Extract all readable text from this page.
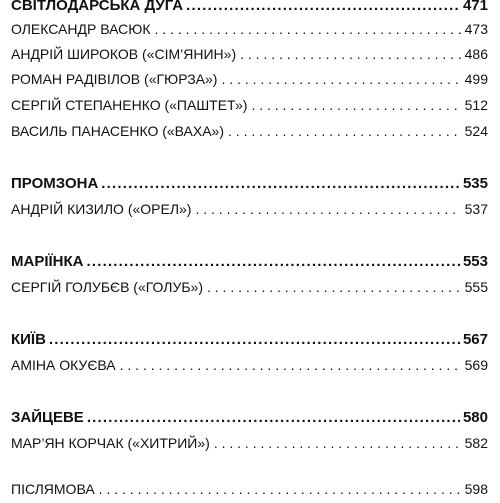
СВІТЛОДАРСЬКА ДУГА .....	471
ОЛЕКСАНДР ВАСЮК . . .	473
АНДРІЙ ШИРОКОВ («СІМ’ЯНИН») . . .	486
РОМАН РАДІВІЛОВ («ГЮРЗА») . . .	499
СЕРГІЙ СТЕПАНЕНКО («ПАШТЕТ») . . .	512
ВАСИЛЬ ПАНАСЕНКО («ВАХА») . . .	524
ПРОМЗОНА .....	535
АНДРІЙ КИЗИЛО («ОРЕЛ») . . .	537
МАРІЇНКА .....	553
СЕРГІЙ ГОЛУБЄВ («ГОЛУБ») . . .	555
КИЇВ .....	567
АМІНА ОКУЄВА . . .	569
ЗАЙЦЕВЕ .....	580
МАР’ЯН КОРЧАК («ХИТРИЙ») . . .	582
ПІСЛЯМОВА . . .	598
